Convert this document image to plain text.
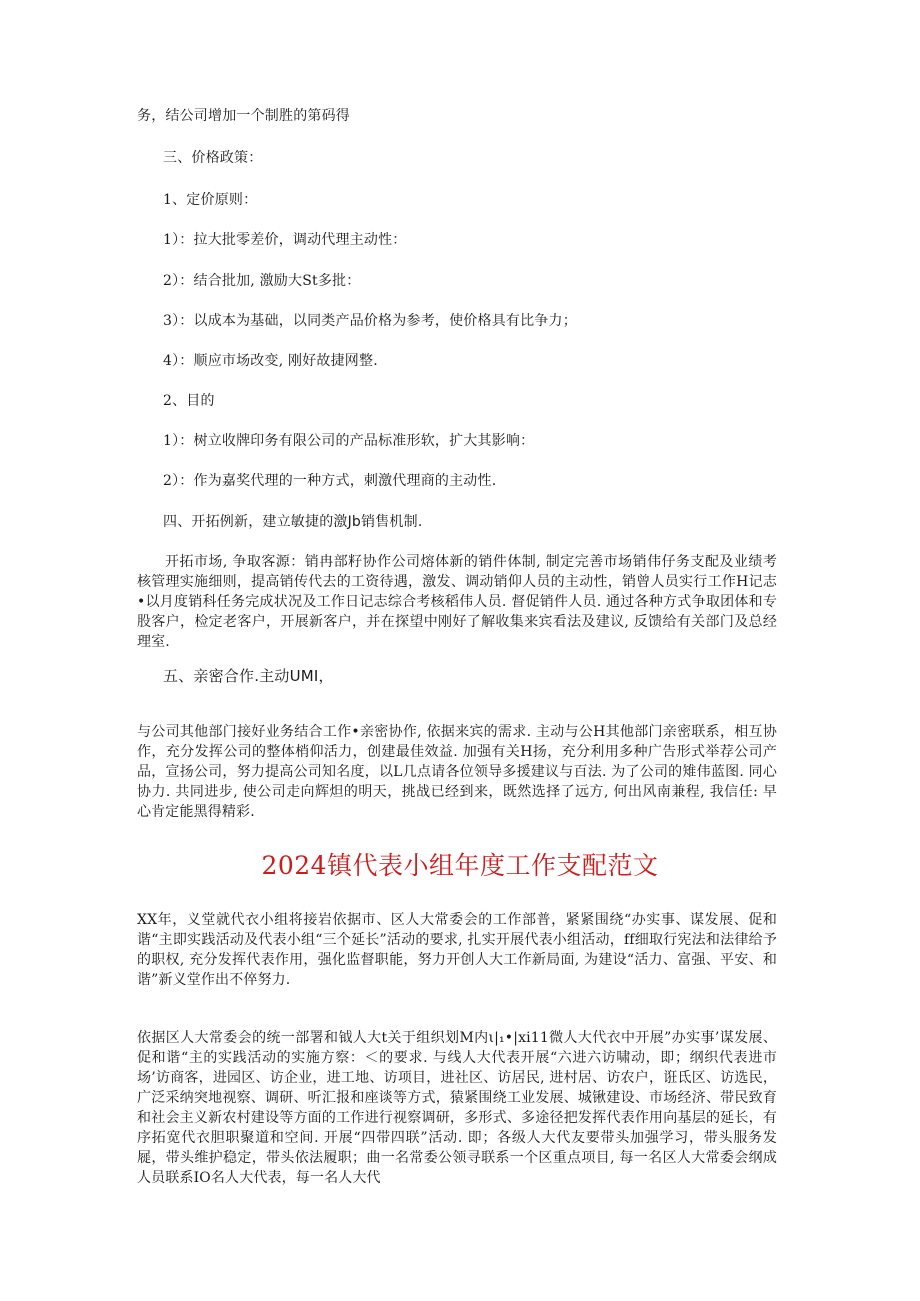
务，结公司增加一个制胜的第码得
三、价格政策：
1、定价原则：
1）：拉大批零差价，调动代理主动性：
2）：结合批加, 激励大St多批：
3）：以成本为基础，以同类产品价格为参考，使价格具有比争力；
4）：顺应市场改变, 刚好故捷网整.
2、目的
1）：树立收牌印务有限公司的产品标准形软，扩大其影响：
2）：作为嘉奖代理的一种方式，刺激代理商的主动性.
四、开拓例新，建立敏捷的激Jb销售机制.
开拓市场, 争取客源：销冉部籽协作公司熔体新的销件体制, 制定完善市场销伟仔务支配及业绩考核管理实施细则，提高销传代去的工资待遇，激发、调动销仰人员的主动性，销曾人员实行工作H记志•以月度销科任务完成状况及工作日记志综合考核稻伟人员. 督促销件人员. 通过各种方式争取团体和专股客户，检定老客户，开展新客户，并在探望中刚好了解收集来宾看法及建议, 反馈给有关部门及总经理室.
五、亲密合作.主动UMI，
与公司其他部门接好业务结合工作•亲密协作, 依据来宾的需求. 主动与公H其他部门亲密联系，相互协作，充分发挥公司的整体梢仰活力，创建最佳效益. 加强有关H扬，充分利用多种广告形式举荐公司产品，宣扬公司，努力提高公司知名度，以L几点请各位领导多援建议与百法. 为了公司的雉伟蓝图. 同心协力. 共同进步, 使公司走向辉炟的明天，挑战已经到来，既然选择了远方, 何出风南兼程, 我信任: 早心肯定能黑得精彩.
2024镇代表小组年度工作支配范文
XX年，义堂就代衣小组将接岩依据市、区人大常委会的工作部普，紧紧围绕“办实事、谋发展、促和谐“主即实践活动及代表小组“三个延长”活动的要求, 扎实开展代表小组活动，ff细取行宪法和法律给予的职权, 充分发挥代表作用，强化监督职能，努力开创人大工作新局面, 为建设“活力、富强、平安、和谐”新义堂作出不倅努力.
依据区人大常委会的统一部署和钺人大t关于组织划M内ι|₁•|xi11微人大代衣中开展”办实事’谋发展、促和谐“主的实践活动的实施方察：＜的要求. 与线人大代表开展“六进六访啸动，即；纲织代表进市场’访商客，进园区、访企业，进工地、访项目，进社区、访居民, 进村居、访农户，诳氐区、访选民，广泛采纳突地视察、调研、听汇报和座谈等方式，猿紧围绕工业发展、城锹建设、市场经济、带民致育和社会主义新农村建设等方面的工作进行视察调研，多形式、多途径把发挥代表作用向基层的延长，有序拓宽代衣胆职聚道和空间. 开展“四带四联”活动. 即；各级人大代友要带头加强学习，带头服务发屣，带头维护稳定，带头依法履职；曲一名常委公领寻联系一个区重点项目, 每一名区人大常委会纲成人员联系IO名人大代表，每一名人大代
